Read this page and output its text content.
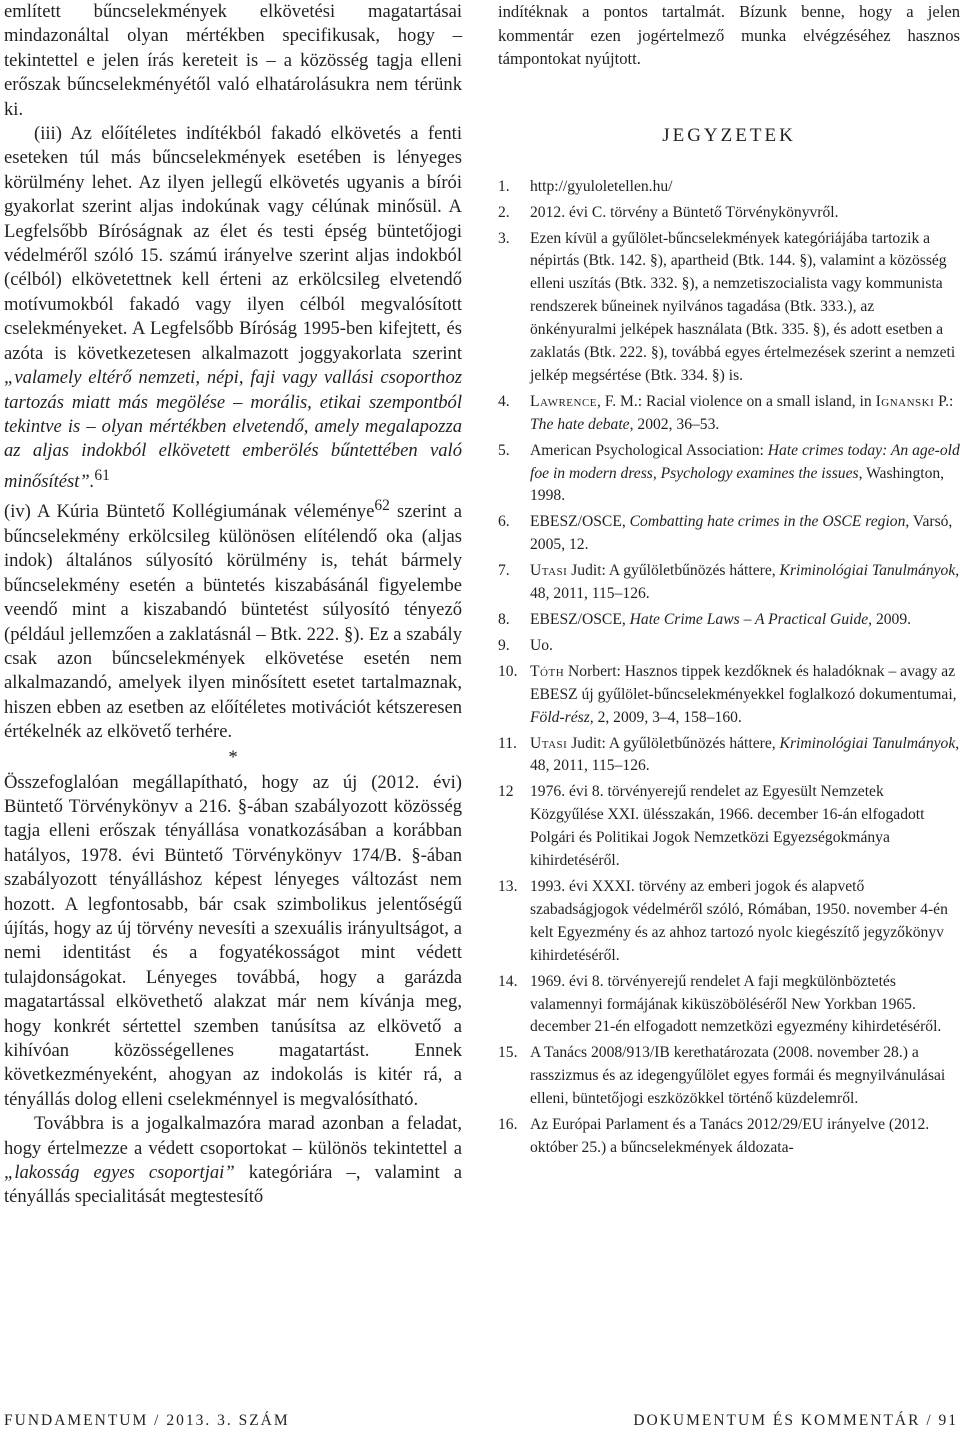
említett bűncselekmények elkövetési magatartásai mindazonáltal olyan mértékben specifikusak, hogy – tekintettel e jelen írás kereteit is – a közösség tagja elleni erőszak bűncselekményétől való elhatárolásukra nem térünk ki.

(iii) Az előítéletes indítékból fakadó elkövetés a fenti eseteken túl más bűncselekmények esetében is lényeges körülmény lehet. Az ilyen jellegű elkövetés ugyanis a bírói gyakorlat szerint aljas indokúnak vagy célúnak minősül. A Legfelsőbb Bíróságnak az élet és testi épség büntetőjogi védelméről szóló 15. számú irányelve szerint aljas indokból (célból) elkövetettnek kell érteni az erkölcsileg elvetendő motívumokból fakadó vagy ilyen célból megvalósított cselekményeket. A Legfelsőbb Bíróság 1995-ben kifejtett, és azóta is következetesen alkalmazott joggyakorlata szerint „valamely eltérő nemzeti, népi, faji vagy vallási csoporthoz tartozás miatt más megölése – morális, etikai szempontból tekintve is – olyan mértékben elvetendő, amely megalapozza az aljas indokból elkövetett emberölés bűntettében való minősítést”.$^{61}$

(iv) A Kúria Büntető Kollégiumának véleménye$^{62}$ szerint a bűncselekmény erkölcsileg különösen elítélendő oka (aljas indok) általános súlyosító körülmény is, tehát bármely bűncselekmény esetén a büntetés kiszabásánál figyelembe veendő mint a kiszabandó büntetést súlyosító tényező (például jellemzően a zaklatásnál – Btk. 222. §). Ez a szabály csak azon bűncselekmények elkövetése esetén nem alkalmazandó, amelyek ilyen minősített esetet tartalmaznak, hiszen ebben az esetben az előítéletes motivációt kétszeresen értékelnék az elkövető terhére.

*

Összefoglalóan megállapítható, hogy az új (2012. évi) Büntető Törvénykönyv a 216. §-ában szabályozott közösség tagja elleni erőszak tényállása vonatkozásában a korábban hatályos, 1978. évi Büntető Törvénykönyv 174/B. §-ában szabályozott tényálláshoz képest lényeges változást nem hozott. A legfontosabb, bár csak szimbolikus jelentőségű újítás, hogy az új törvény nevesíti a szexuális irányultságot, a nemi identitást és a fogyatékosságot mint védett tulajdonságokat. Lényeges továbbá, hogy a garázda magatartással elkövethető alakzat már nem kívánja meg, hogy konkrét sértettel szemben tanúsítsa az elkövető a kihívóan közösségellenes magatartást. Ennek következményeként, ahogyan az indokolás is kitér rá, a tényállás dolog elleni cselekménnyel is megvalósítható.

Továbbra is a jogalkalmazóra marad azonban a feladat, hogy értelmezze a védett csoportokat – különös tekintettel a „lakosság egyes csoportjai” kategóriára –, valamint a tényállás specialitását megtestesítő

indítéknak a pontos tartalmát. Bízunk benne, hogy a jelen kommentár ezen jogértelmező munka elvégzéséhez hasznos támpontokat nyújtott.

JEGYZETEK
1.	http://gyuloletellen.hu/
2.	2012. évi C. törvény a Büntető Törvénykönyvről.
3.	Ezen kívül a gyűlölet-bűncselekmények kategóriájába tartozik a népirtás (Btk. 142. §), apartheid (Btk. 144. §), valamint a közösség elleni uszítás (Btk. 332. §), a nemzetiszocialista vagy kommunista rendszerek bűneinek nyilvános tagadása (Btk. 333.), az önkényuralmi jelképek használata (Btk. 335. §), és adott esetben a zaklatás (Btk. 222. §), továbbá egyes értelmezések szerint a nemzeti jelkép megsértése (Btk. 334. §) is.
4.	Lawrence, F. M.: Racial violence on a small island, in Ignanski P.: The hate debate, 2002, 36–53.
5.	American Psychological Association: Hate crimes today: An age-old foe in modern dress, Psychology examines the issues, Washington, 1998.
6.	EBESZ/OSCE, Combatting hate crimes in the OSCE region, Varsó, 2005, 12.
7.	Utasi Judit: A gyűlöletbűnözés háttere, Kriminológiai Tanulmányok, 48, 2011, 115–126.
8.	EBESZ/OSCE, Hate Crime Laws – A Practical Guide, 2009.
9.	Uo.
10. Tóth Norbert: Hasznos tippek kezdőknek és haladóknak – avagy az EBESZ új gyűlölet-bűncselekményekkel foglalkozó dokumentumai, Föld-rész, 2, 2009, 3–4, 158–160.
11. Utasi Judit: A gyűlöletbűnözés háttere, Kriminológiai Tanulmányok, 48, 2011, 115–126.
12	1976. évi 8. törvényerejű rendelet az Egyesült Nemzetek Közgyűlése XXI. ülésszakán, 1966. december 16-án elfogadott Polgári és Politikai Jogok Nemzetközi Egyezségokmánya kihirdetéséről.
13. 1993. évi XXXI. törvény az emberi jogok és alapvető szabadságjogok védelméről szóló, Rómában, 1950. november 4-én kelt Egyezmény és az ahhoz tartozó nyolc kiegészítő jegyzőkönyv kihirdetéséről.
14. 1969. évi 8. törvényerejű rendelet A faji megkülönböztetés valamennyi formájának kiküszöböléséről New Yorkban 1965. december 21-én elfogadott nemzetközi egyezmény kihirdetéséről.
15. A Tanács 2008/913/IB kerethatározata (2008. november 28.) a rasszizmus és az idegengyűlölet egyes formái és megnyilvánulásai elleni, büntetőjogi eszközökkel történő küzdelemről.
16. Az Európai Parlament és a Tanács 2012/29/EU irányelve (2012. október 25.) a bűncselekmények áldozata-
FUNDAMENTUM / 2013. 3. SZÁM	DOKUMENTUM ÉS KOMMENTÁR / 91
